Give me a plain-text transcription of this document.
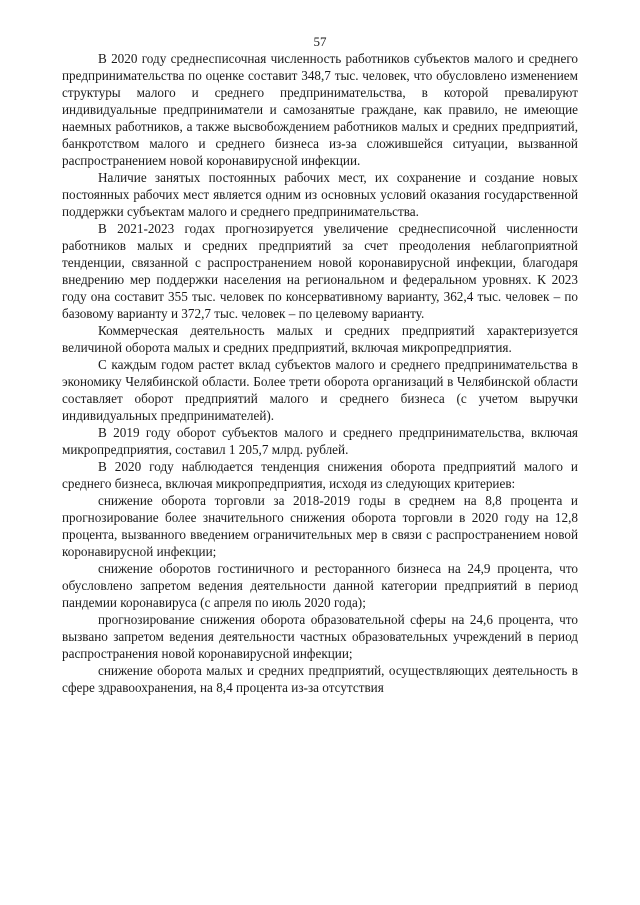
57

В 2020 году среднесписочная численность работников субъектов малого и среднего предпринимательства по оценке составит 348,7 тыс. человек, что обусловлено изменением структуры малого и среднего предпринимательства, в которой превалируют индивидуальные предприниматели и самозанятые граждане, как правило, не имеющие наемных работников, а также высвобождением работников малых и средних предприятий, банкротством малого и среднего бизнеса из-за сложившейся ситуации, вызванной распространением новой коронавирусной инфекции.

Наличие занятых постоянных рабочих мест, их сохранение и создание новых постоянных рабочих мест является одним из основных условий оказания государственной поддержки субъектам малого и среднего предпринимательства.

В 2021-2023 годах прогнозируется увеличение среднесписочной численности работников малых и средних предприятий за счет преодоления неблагоприятной тенденции, связанной с распространением новой коронавирусной инфекции, благодаря внедрению мер поддержки населения на региональном и федеральном уровнях. К 2023 году она составит 355 тыс. человек по консервативному варианту, 362,4 тыс. человек – по базовому варианту и 372,7 тыс. человек – по целевому варианту.

Коммерческая деятельность малых и средних предприятий характеризуется величиной оборота малых и средних предприятий, включая микропредприятия.

С каждым годом растет вклад субъектов малого и среднего предпринимательства в экономику Челябинской области. Более трети оборота организаций в Челябинской области составляет оборот предприятий малого и среднего бизнеса (с учетом выручки индивидуальных предпринимателей).

В 2019 году оборот субъектов малого и среднего предпринимательства, включая микропредприятия, составил 1 205,7 млрд. рублей.

В 2020 году наблюдается тенденция снижения оборота предприятий малого и среднего бизнеса, включая микропредприятия, исходя из следующих критериев:

снижение оборота торговли за 2018-2019 годы в среднем на 8,8 процента и прогнозирование более значительного снижения оборота торговли в 2020 году на 12,8 процента, вызванного введением ограничительных мер в связи с распространением новой коронавирусной инфекции;

снижение оборотов гостиничного и ресторанного бизнеса на 24,9 процента, что обусловлено запретом ведения деятельности данной категории предприятий в период пандемии коронавируса (с апреля по июль 2020 года);

прогнозирование снижения оборота образовательной сферы на 24,6 процента, что вызвано запретом ведения деятельности частных образовательных учреждений в период распространения новой коронавирусной инфекции;

снижение оборота малых и средних предприятий, осуществляющих деятельность в сфере здравоохранения, на 8,4 процента из-за отсутствия
